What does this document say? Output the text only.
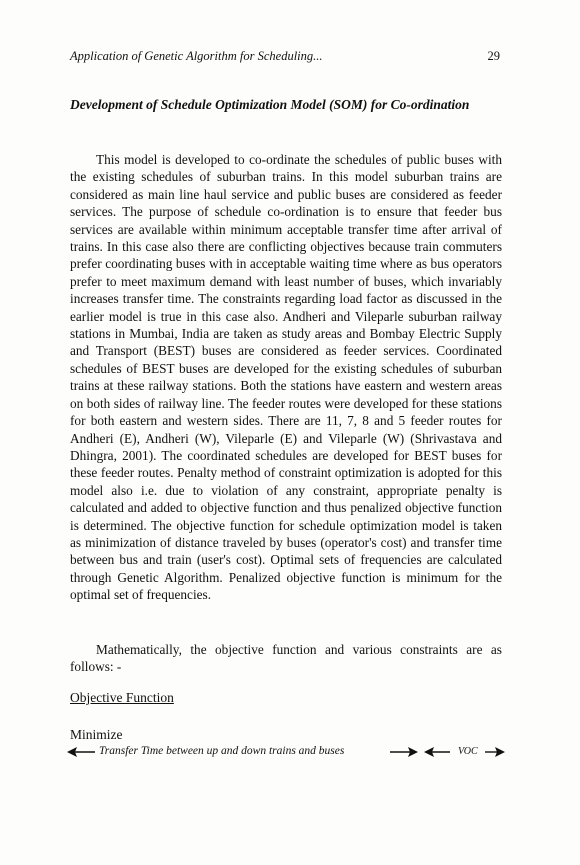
Application of Genetic Algorithm for Scheduling...	29
Development of Schedule Optimization Model (SOM) for Co-ordination

This model is developed to co-ordinate the schedules of public buses with the existing schedules of suburban trains. In this model suburban trains are considered as main line haul service and public buses are considered as feeder services. The purpose of schedule co-ordination is to ensure that feeder bus services are available within minimum acceptable transfer time after arrival of trains. In this case also there are conflicting objectives because train commuters prefer coordinating buses with in acceptable waiting time where as bus operators prefer to meet maximum demand with least number of buses, which invariably increases transfer time. The constraints regarding load factor as discussed in the earlier model is true in this case also. Andheri and Vileparle suburban railway stations in Mumbai, India are taken as study areas and Bombay Electric Supply and Transport (BEST) buses are considered as feeder services. Coordinated schedules of BEST buses are developed for the existing schedules of suburban trains at these railway stations. Both the stations have eastern and western areas on both sides of railway line. The feeder routes were developed for these stations for both eastern and western sides. There are 11, 7, 8 and 5 feeder routes for Andheri (E), Andheri (W), Vileparle (E) and Vileparle (W) (Shrivastava and Dhingra, 2001). The coordinated schedules are developed for BEST buses for these feeder routes. Penalty method of constraint optimization is adopted for this model also i.e. due to violation of any constraint, appropriate penalty is calculated and added to objective function and thus penalized objective function is determined. The objective function for schedule optimization model is taken as minimization of distance traveled by buses (operator's cost) and transfer time between bus and train (user's cost). Optimal sets of frequencies are calculated through Genetic Algorithm. Penalized objective function is minimum for the optimal set of frequencies.

Mathematically, the objective function and various constraints are as follows: -

Objective Function
Minimize
Transfer Time between up and down trains and buses	VOC
